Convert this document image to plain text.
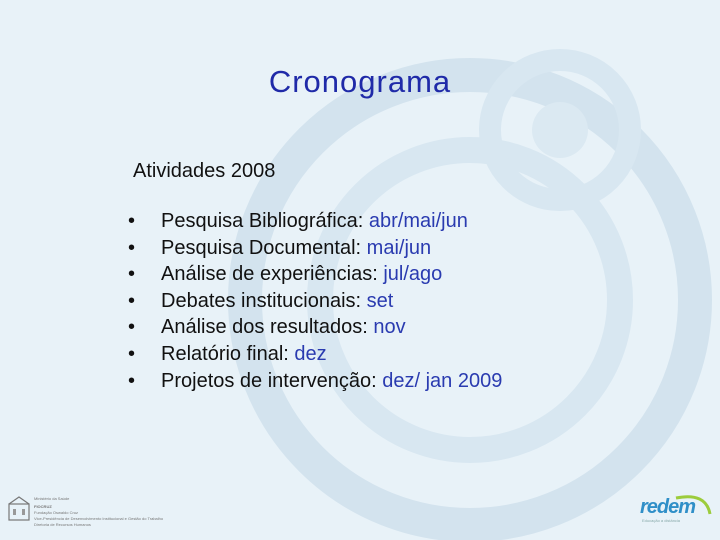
Cronograma
Atividades 2008
•	Pesquisa Bibliográfica:
abr/mai/jun
•	Pesquisa Documental:
mai/jun
•	Análise de experiências:
jul/ago
•	Debates institucionais:
set
•	Análise dos resultados:
nov
•	Relatório final:
dez
•	Projetos de intervenção:
dez/ jan 2009
Ministério da Saúde
FIOCRUZ
Fundação Oswaldo Cruz
Vice-Presidência de Desenvolvimento Institucional e Gestão do Trabalho
Diretoria de Recursos Humanos
redem
Educação a distância
